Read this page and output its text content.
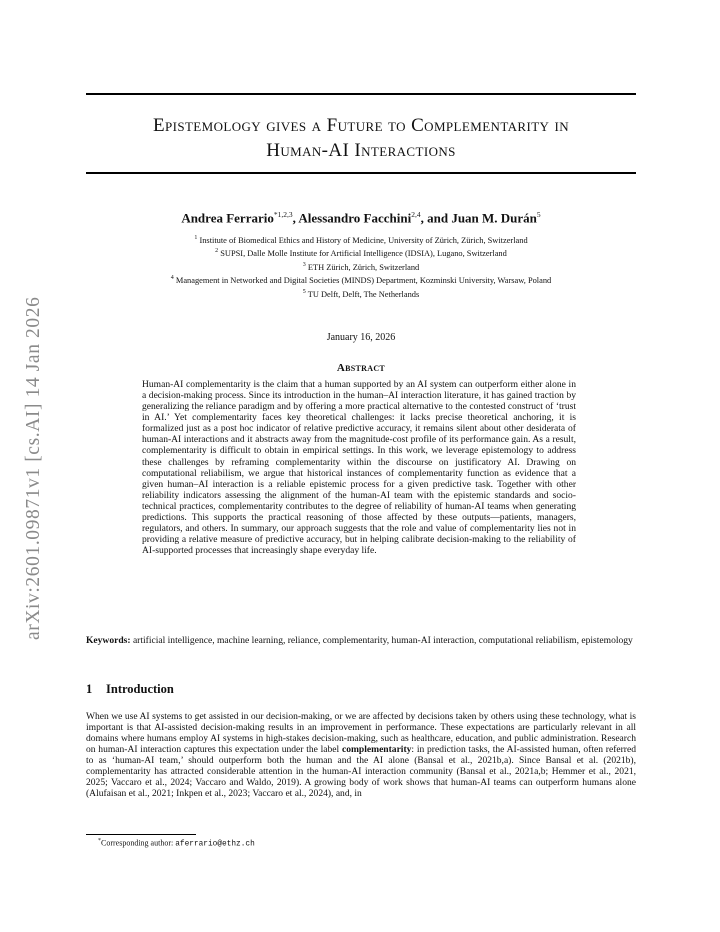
arXiv:2601.09871v1 [cs.AI] 14 Jan 2026
Epistemology gives a Future to Complementarity in
Human-AI Interactions
Andrea Ferrario$^{*1,2,3}$, Alessandro Facchini$^{2,4}$, and Juan M. Durán$^5$
$^1$ Institute of Biomedical Ethics and History of Medicine, University of Zürich, Zürich, Switzerland
$^2$ SUPSI, Dalle Molle Institute for Artificial Intelligence (IDSIA), Lugano, Switzerland
$^3$ ETH Zürich, Zürich, Switzerland
$^4$ Management in Networked and Digital Societies (MINDS) Department, Kozminski University, Warsaw, Poland
$^5$ TU Delft, Delft, The Netherlands
January 16, 2026
Abstract
Human-AI complementarity is the claim that a human supported by an AI system can outperform either alone in a decision-making process. Since its introduction in the human–AI interaction literature, it has gained traction by generalizing the reliance paradigm and by offering a more practical alternative to the contested construct of ‘trust in AI.’ Yet complementarity faces key theoretical challenges: it lacks precise theoretical anchoring, it is formalized just as a post hoc indicator of relative predictive accuracy, it remains silent about other desiderata of human-AI interactions and it abstracts away from the magnitude-cost profile of its performance gain. As a result, complementarity is difficult to obtain in empirical settings. In this work, we leverage epistemology to address these challenges by reframing complementarity within the discourse on justificatory AI. Drawing on computational reliabilism, we argue that historical instances of complementarity function as evidence that a given human–AI interaction is a reliable epistemic process for a given predictive task. Together with other reliability indicators assessing the alignment of the human-AI team with the epistemic standards and socio-technical practices, complementarity contributes to the degree of reliability of human-AI teams when generating predictions. This supports the practical reasoning of those affected by these outputs—patients, managers, regulators, and others. In summary, our approach suggests that the role and value of complementarity lies not in providing a relative measure of predictive accuracy, but in helping calibrate decision-making to the reliability of AI-supported processes that increasingly shape everyday life.
Keywords: artificial intelligence, machine learning, reliance, complementarity, human-AI interaction, computational reliabilism, epistemology
1 Introduction
When we use AI systems to get assisted in our decision-making, or we are affected by decisions taken by others using these technology, what is important is that AI-assisted decision-making results in an improvement in performance. These expectations are particularly relevant in all domains where humans employ AI systems in high-stakes decision-making, such as healthcare, education, and public administration. Research on human-AI interaction captures this expectation under the label complementarity: in prediction tasks, the AI-assisted human, often referred to as ‘human-AI team,’ should outperform both the human and the AI alone (Bansal et al., 2021b,a). Since Bansal et al. (2021b), complementarity has attracted considerable attention in the human-AI interaction community (Bansal et al., 2021a,b; Hemmer et al., 2021, 2025; Vaccaro et al., 2024; Vaccaro and Waldo, 2019). A growing body of work shows that human-AI teams can outperform humans alone (Alufaisan et al., 2021; Inkpen et al., 2023; Vaccaro et al., 2024), and, in
*Corresponding author: aferrario@ethz.ch
